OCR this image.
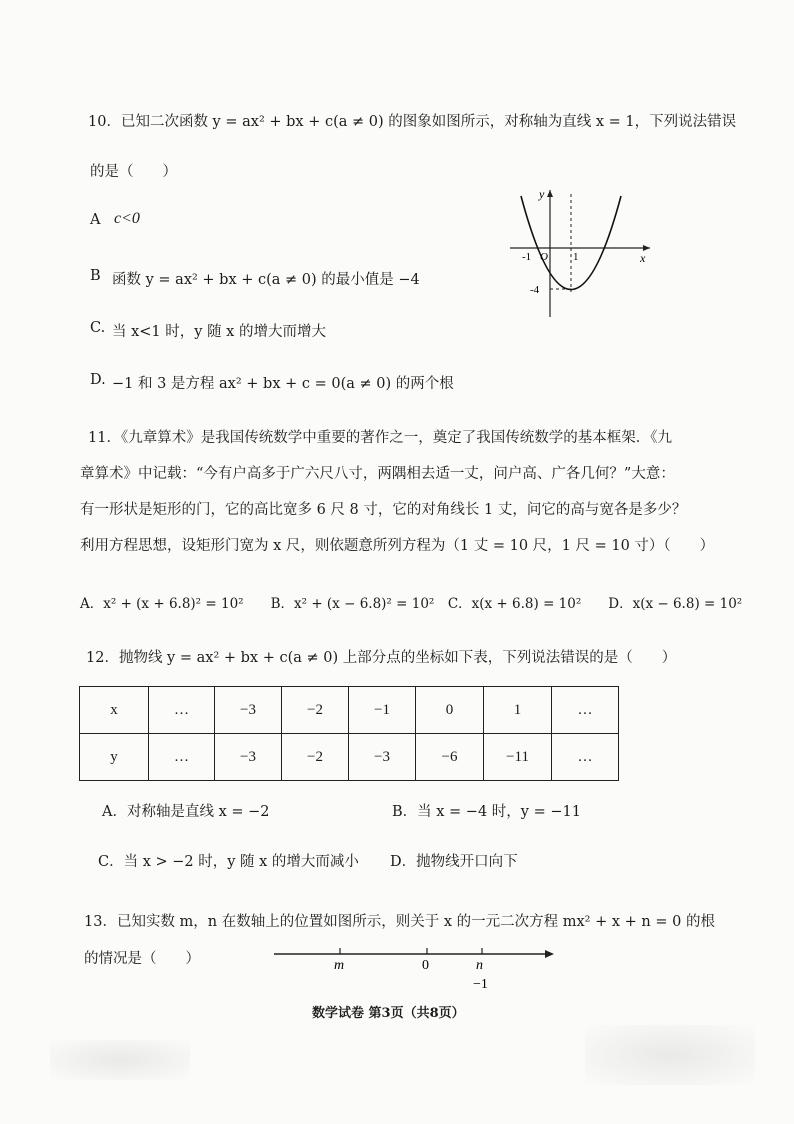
10．已知二次函数 y = ax² + bx + c(a ≠ 0) 的图象如图所示，对称轴为直线 x = 1，下列说法错误
的是（　　）
A c<0
B 函数 y = ax² + bx + c(a ≠ 0) 的最小值是 −4
C. 当 x<1 时，y 随 x 的增大而增大
D. −1 和 3 是方程 ax² + bx + c = 0(a ≠ 0) 的两个根
y
x
O
-1	1
-4
11．《九章算术》是我国传统数学中重要的著作之一，奠定了我国传统数学的基本框架．《九
章算术》中记载：“今有户高多于广六尺八寸，两隅相去适一丈，问户高、广各几何？”大意：
有一形状是矩形的门，它的高比宽多 6 尺 8 寸，它的对角线长 1 丈，问它的高与宽各是多少？
利用方程思想，设矩形门宽为 x 尺，则依题意所列方程为（1 丈 = 10 尺，1 尺 = 10 寸）（　　）
A．x² + (x + 6.8)² = 10²　　B．x² + (x − 6.8)² = 10²　C．x(x + 6.8) = 10²　　D．x(x − 6.8) = 10²
12．抛物线 y = ax² + bx + c(a ≠ 0) 上部分点的坐标如下表，下列说法错误的是（　　）
x	…	−3	−2	−1	0	1	…
y	…	−3	−2	−3	−6	−11	…
A．对称轴是直线 x = −2	B．当 x = −4 时，y = −11
C．当 x > −2 时，y 随 x 的增大而减小 D．抛物线开口向下
13．已知实数 m，n 在数轴上的位置如图所示，则关于 x 的一元二次方程 mx² + x + n = 0 的根
的情况是（　　）	m	0	n
−1
数学试卷 第3页（共8页）
